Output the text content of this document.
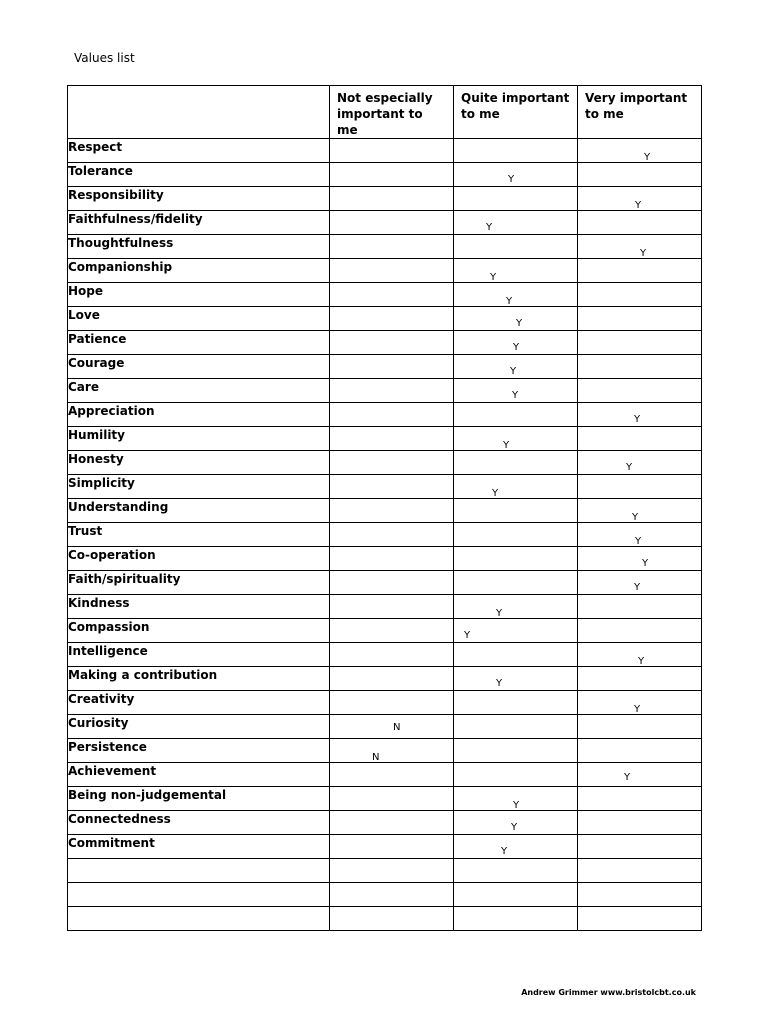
Values list
	Not especially important to me	Quite important to me	Very important to me
Respect			Y

Tolerance		Y	

Responsibility			Y

Faithfulness/fidelity		Y	

Thoughtfulness			Y

Companionship		Y	

Hope		Y	

Love		Y	

Patience		Y	

Courage		Y	

Care		Y	

Appreciation			Y

Humility		Y	

Honesty			Y

Simplicity		Y	

Understanding			Y

Trust			Y

Co-operation			Y

Faith/spirituality			Y

Kindness		Y	

Compassion		Y	

Intelligence			Y

Making a contribution		Y	

Creativity			Y

Curiosity	N		

Persistence	N		

Achievement			Y

Being non-judgemental		Y	

Connectedness		Y	

Commitment		Y	

Andrew Grimmer www.bristolcbt.co.uk
